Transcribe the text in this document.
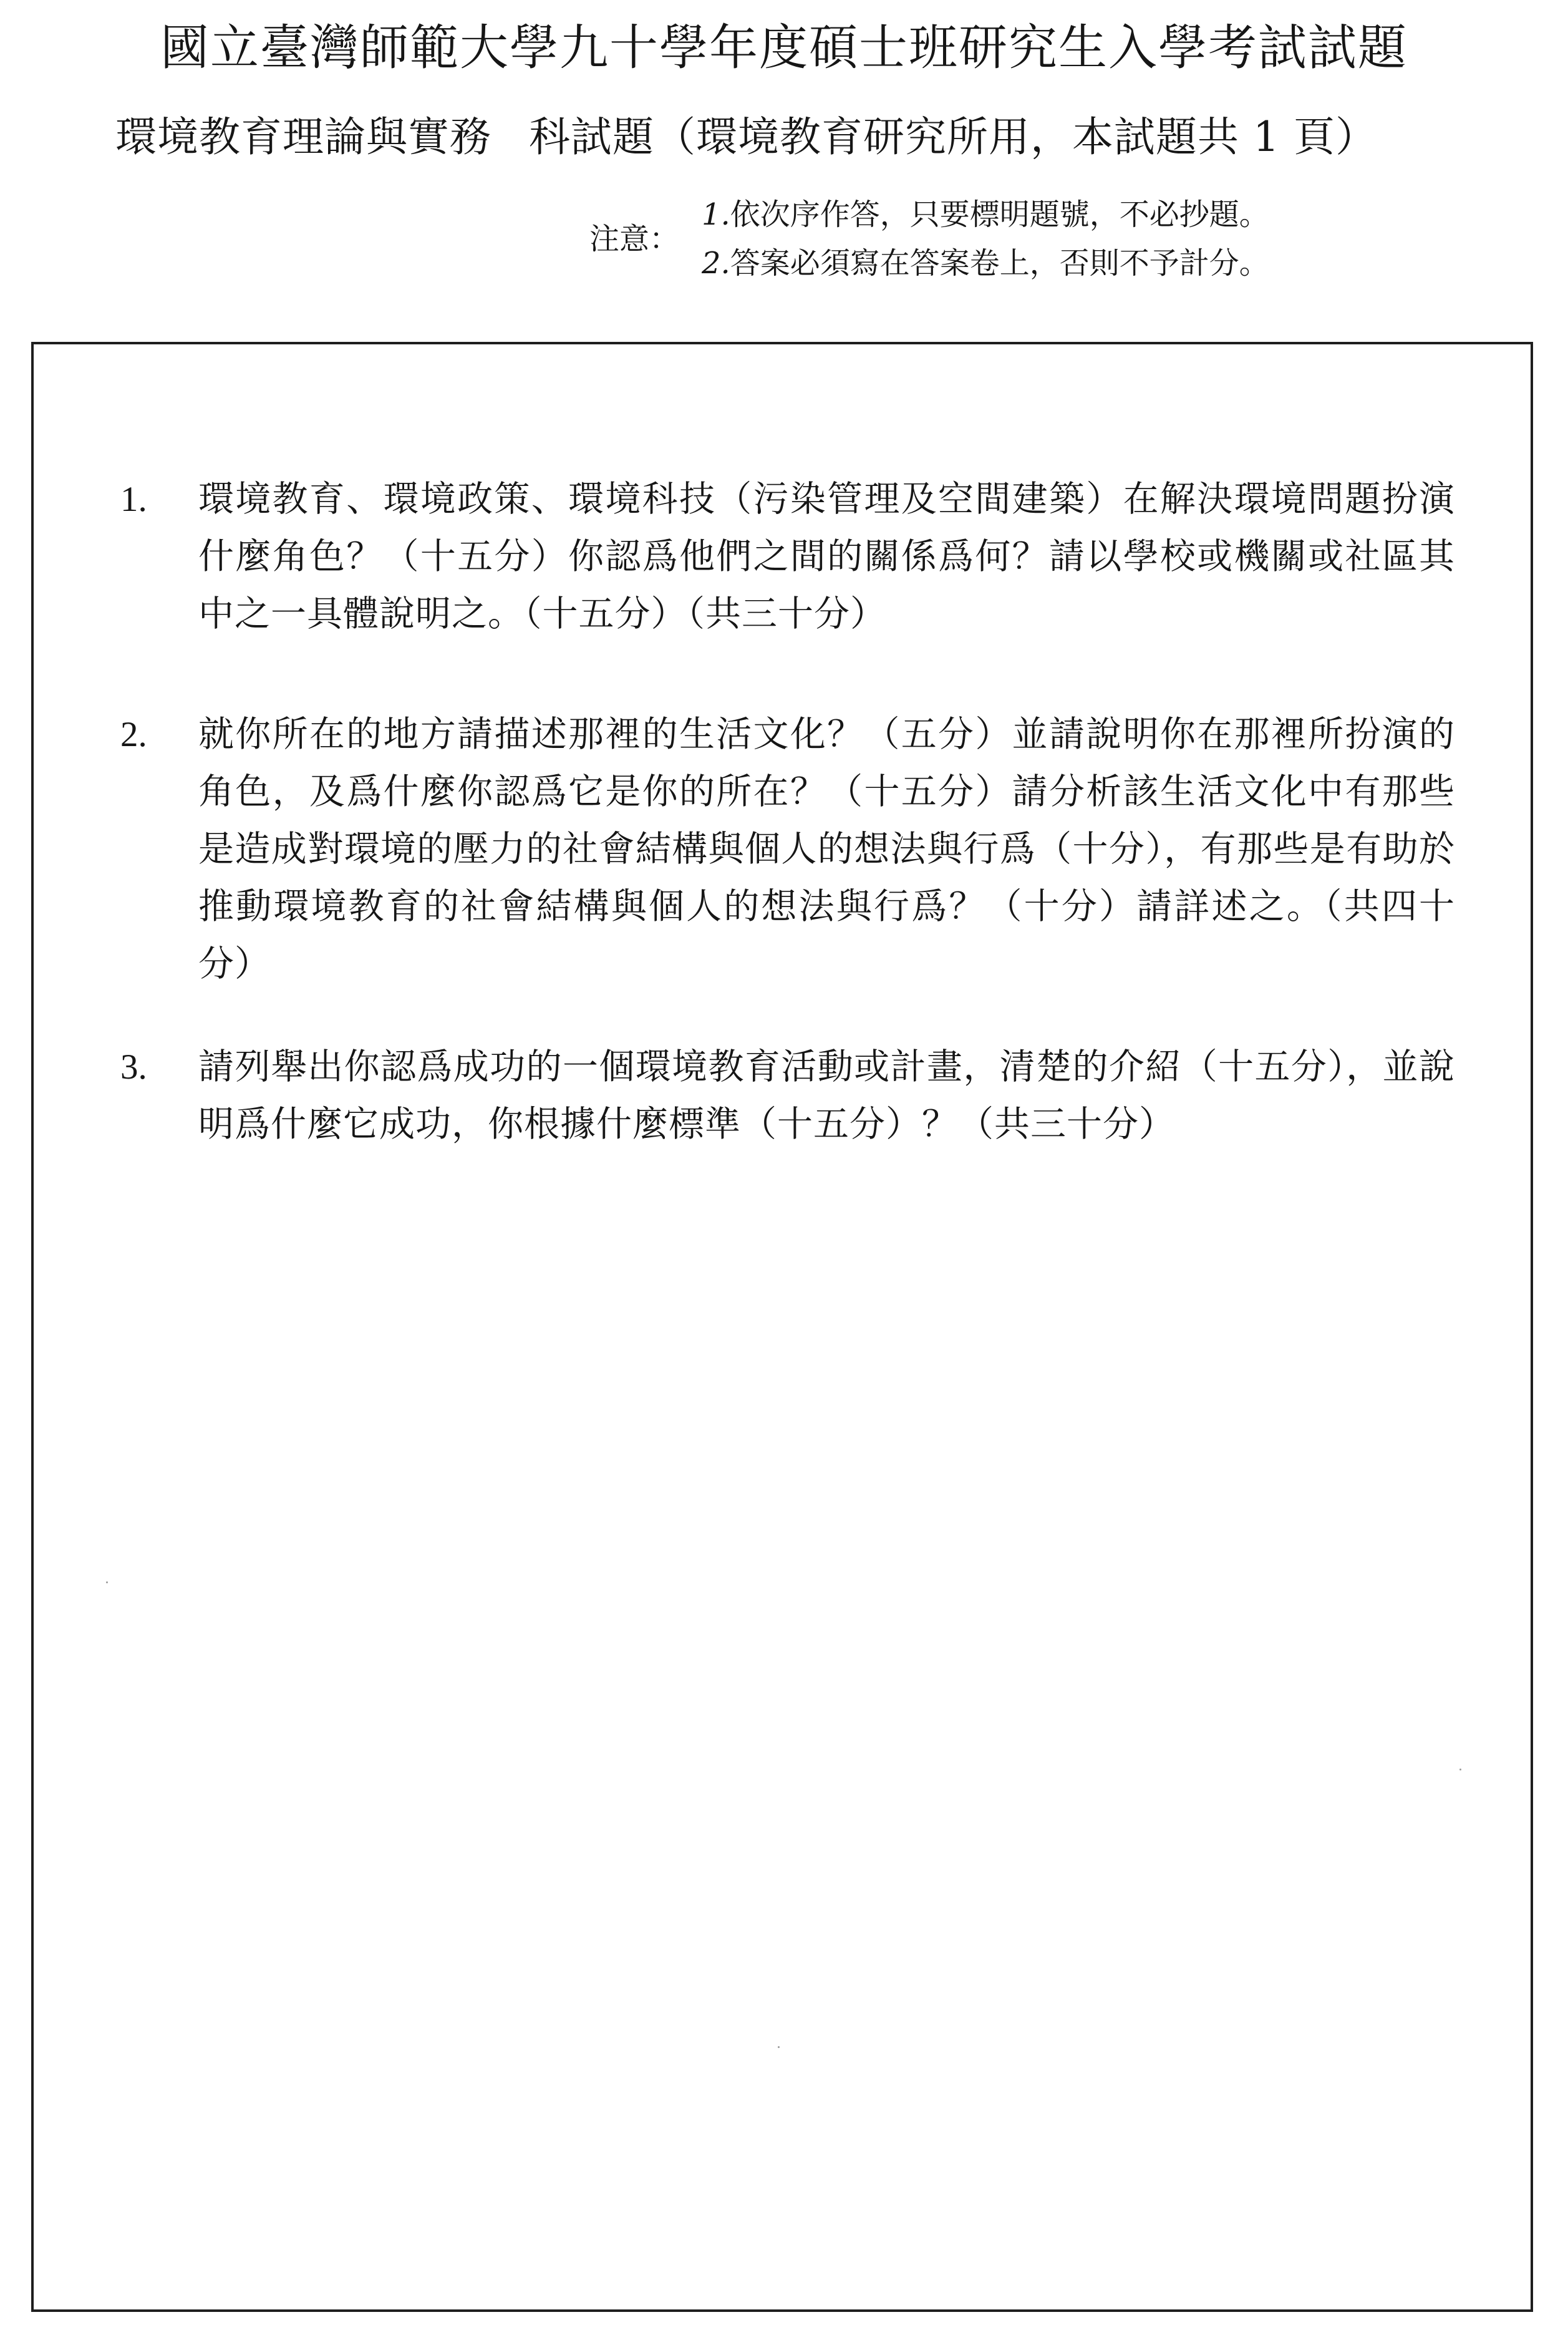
國立臺灣師範大學九十學年度碩士班研究生入學考試試題
環境教育理論與實務 科試題（環境教育研究所用，本試題共 1 頁）
注意：
1.依次序作答，只要標明題號，不必抄題。
2.答案必須寫在答案卷上，否則不予計分。
1. 環境教育、環境政策、環境科技（污染管理及空間建築）在解決環境問題扮演什麼角色？（十五分）你認爲他們之間的關係爲何？請以學校或機關或社區其中之一具體說明之。（十五分）（共三十分）
2. 就你所在的地方請描述那裡的生活文化？（五分）並請說明你在那裡所扮演的角色，及爲什麼你認爲它是你的所在？（十五分）請分析該生活文化中有那些是造成對環境的壓力的社會結構與個人的想法與行爲（十分），有那些是有助於推動環境教育的社會結構與個人的想法與行爲？（十分）請詳述之。（共四十分）
3. 請列舉出你認爲成功的一個環境教育活動或計畫，清楚的介紹（十五分），並說明爲什麼它成功，你根據什麼標準（十五分）？（共三十分）
